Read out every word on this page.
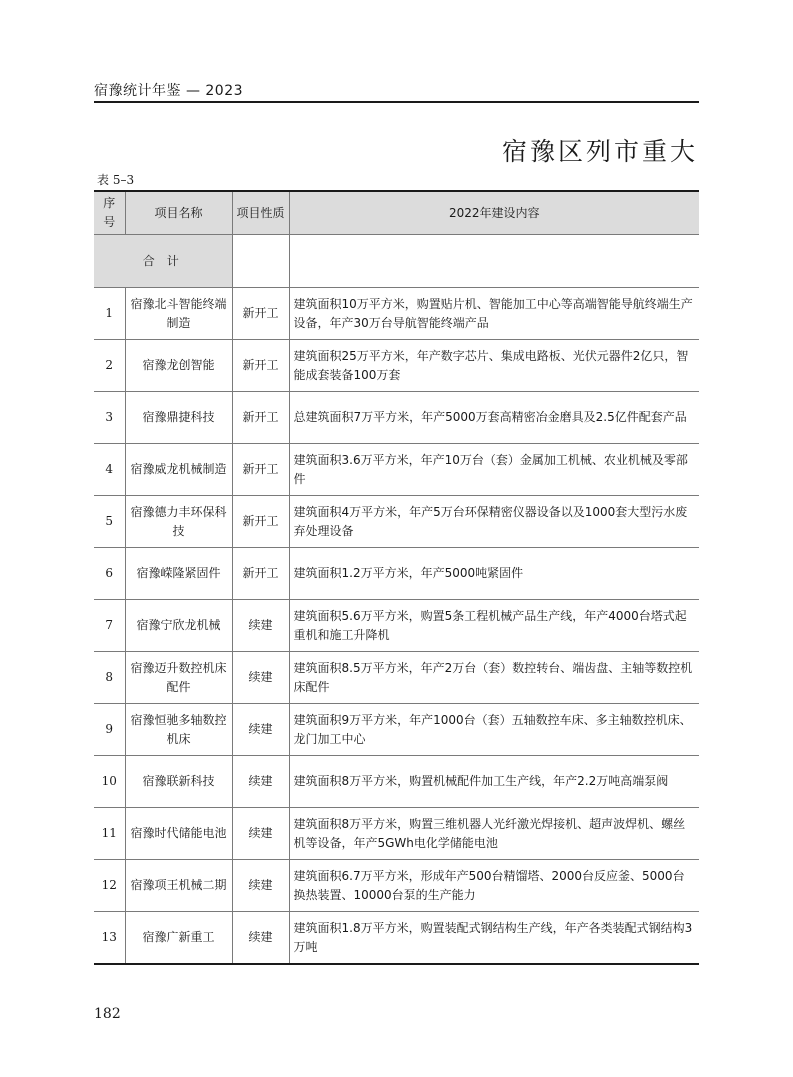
宿豫统计年鉴 — 2023
宿豫区列市重大
表 5–3
序号	项目名称	项目性质	2022年建设内容
合计			
1	宿豫北斗智能终端制造	新开工	建筑面积10万平方米，购置贴片机、智能加工中心等高端智能导航终端生产设备，年产30万台导航智能终端产品
2	宿豫龙创智能	新开工	建筑面积25万平方米，年产数字芯片、集成电路板、光伏元器件2亿只，智能成套装备100万套
3	宿豫鼎捷科技	新开工	总建筑面积7万平方米，年产5000万套高精密冶金磨具及2.5亿件配套产品
4	宿豫威龙机械制造	新开工	建筑面积3.6万平方米，年产10万台（套）金属加工机械、农业机械及零部件
5	宿豫德力丰环保科技	新开工	建筑面积4万平方米，年产5万台环保精密仪器设备以及1000套大型污水废弃处理设备
6	宿豫嵘隆紧固件	新开工	建筑面积1.2万平方米，年产5000吨紧固件
7	宿豫宁欣龙机械	续建	建筑面积5.6万平方米，购置5条工程机械产品生产线，年产4000台塔式起重机和施工升降机
8	宿豫迈升数控机床配件	续建	建筑面积8.5万平方米，年产2万台（套）数控转台、端齿盘、主轴等数控机床配件
9	宿豫恒驰多轴数控机床	续建	建筑面积9万平方米，年产1000台（套）五轴数控车床、多主轴数控机床、龙门加工中心
10	宿豫联新科技	续建	建筑面积8万平方米，购置机械配件加工生产线，年产2.2万吨高端泵阀
11	宿豫时代储能电池	续建	建筑面积8万平方米，购置三维机器人光纤激光焊接机、超声波焊机、螺丝机等设备，年产5GWh电化学储能电池
12	宿豫项王机械二期	续建	建筑面积6.7万平方米，形成年产500台精馏塔、2000台反应釜、5000台换热装置、10000台泵的生产能力
13	宿豫广新重工	续建	建筑面积1.8万平方米，购置装配式钢结构生产线，年产各类装配式钢结构3万吨
182
